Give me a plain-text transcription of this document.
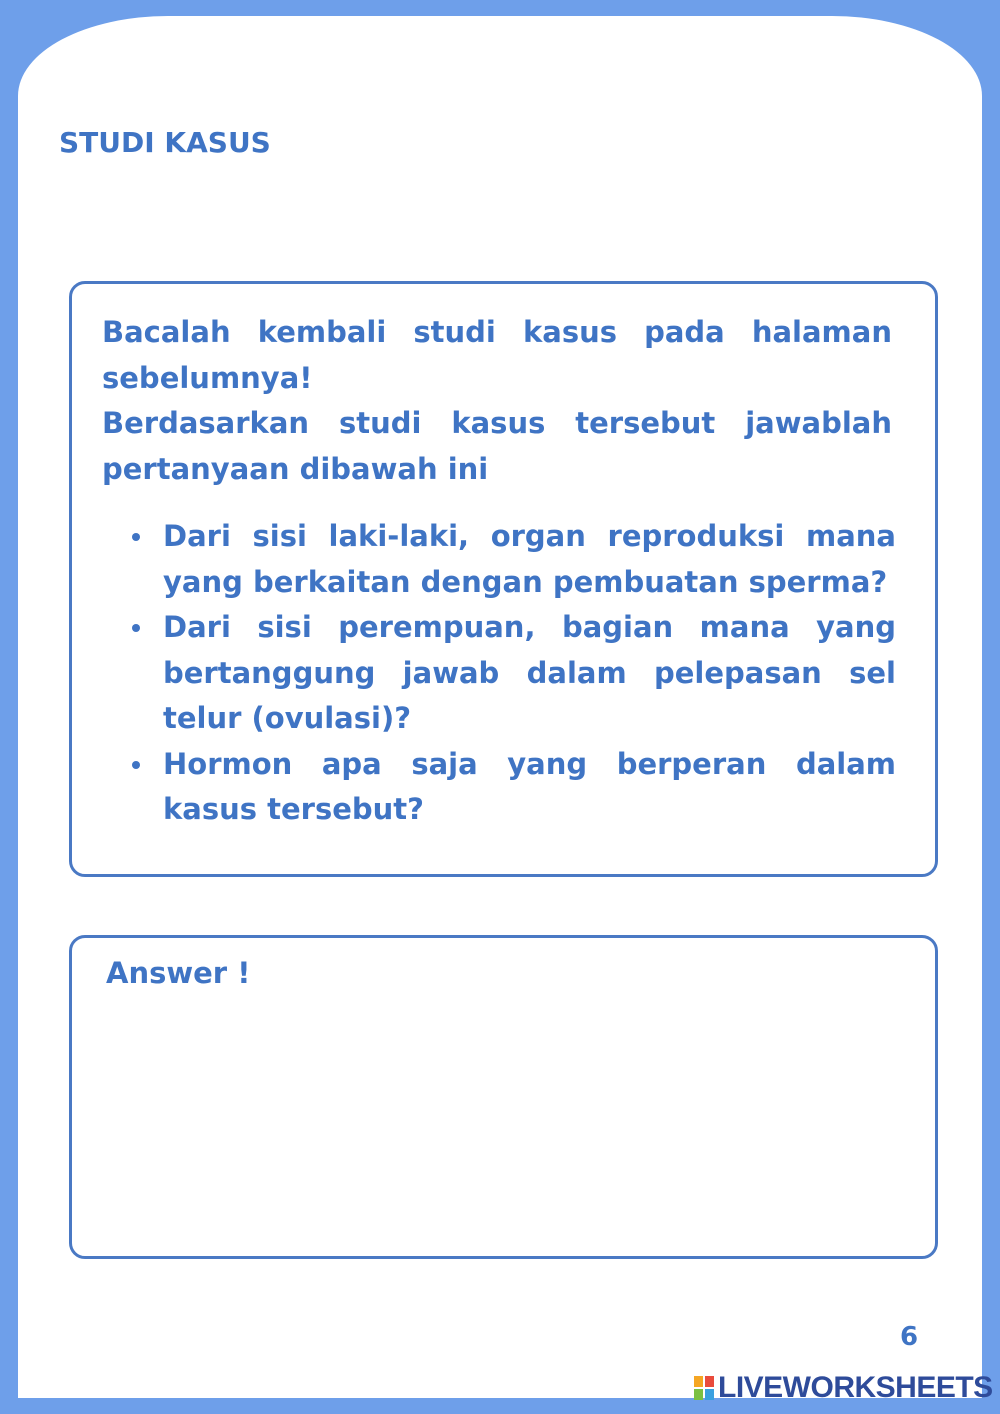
STUDI KASUS

Bacalah kembali studi kasus pada halaman sebelumnya!

Berdasarkan studi kasus tersebut jawablah pertanyaan dibawah ini

Dari sisi laki-laki, organ reproduksi mana yang berkaitan dengan pembuatan sperma?
Dari sisi perempuan, bagian mana yang bertanggung jawab dalam pelepasan sel telur (ovulasi)?
Hormon apa saja yang berperan dalam kasus tersebut?
Answer !
6
LIVEWORKSHEETS
